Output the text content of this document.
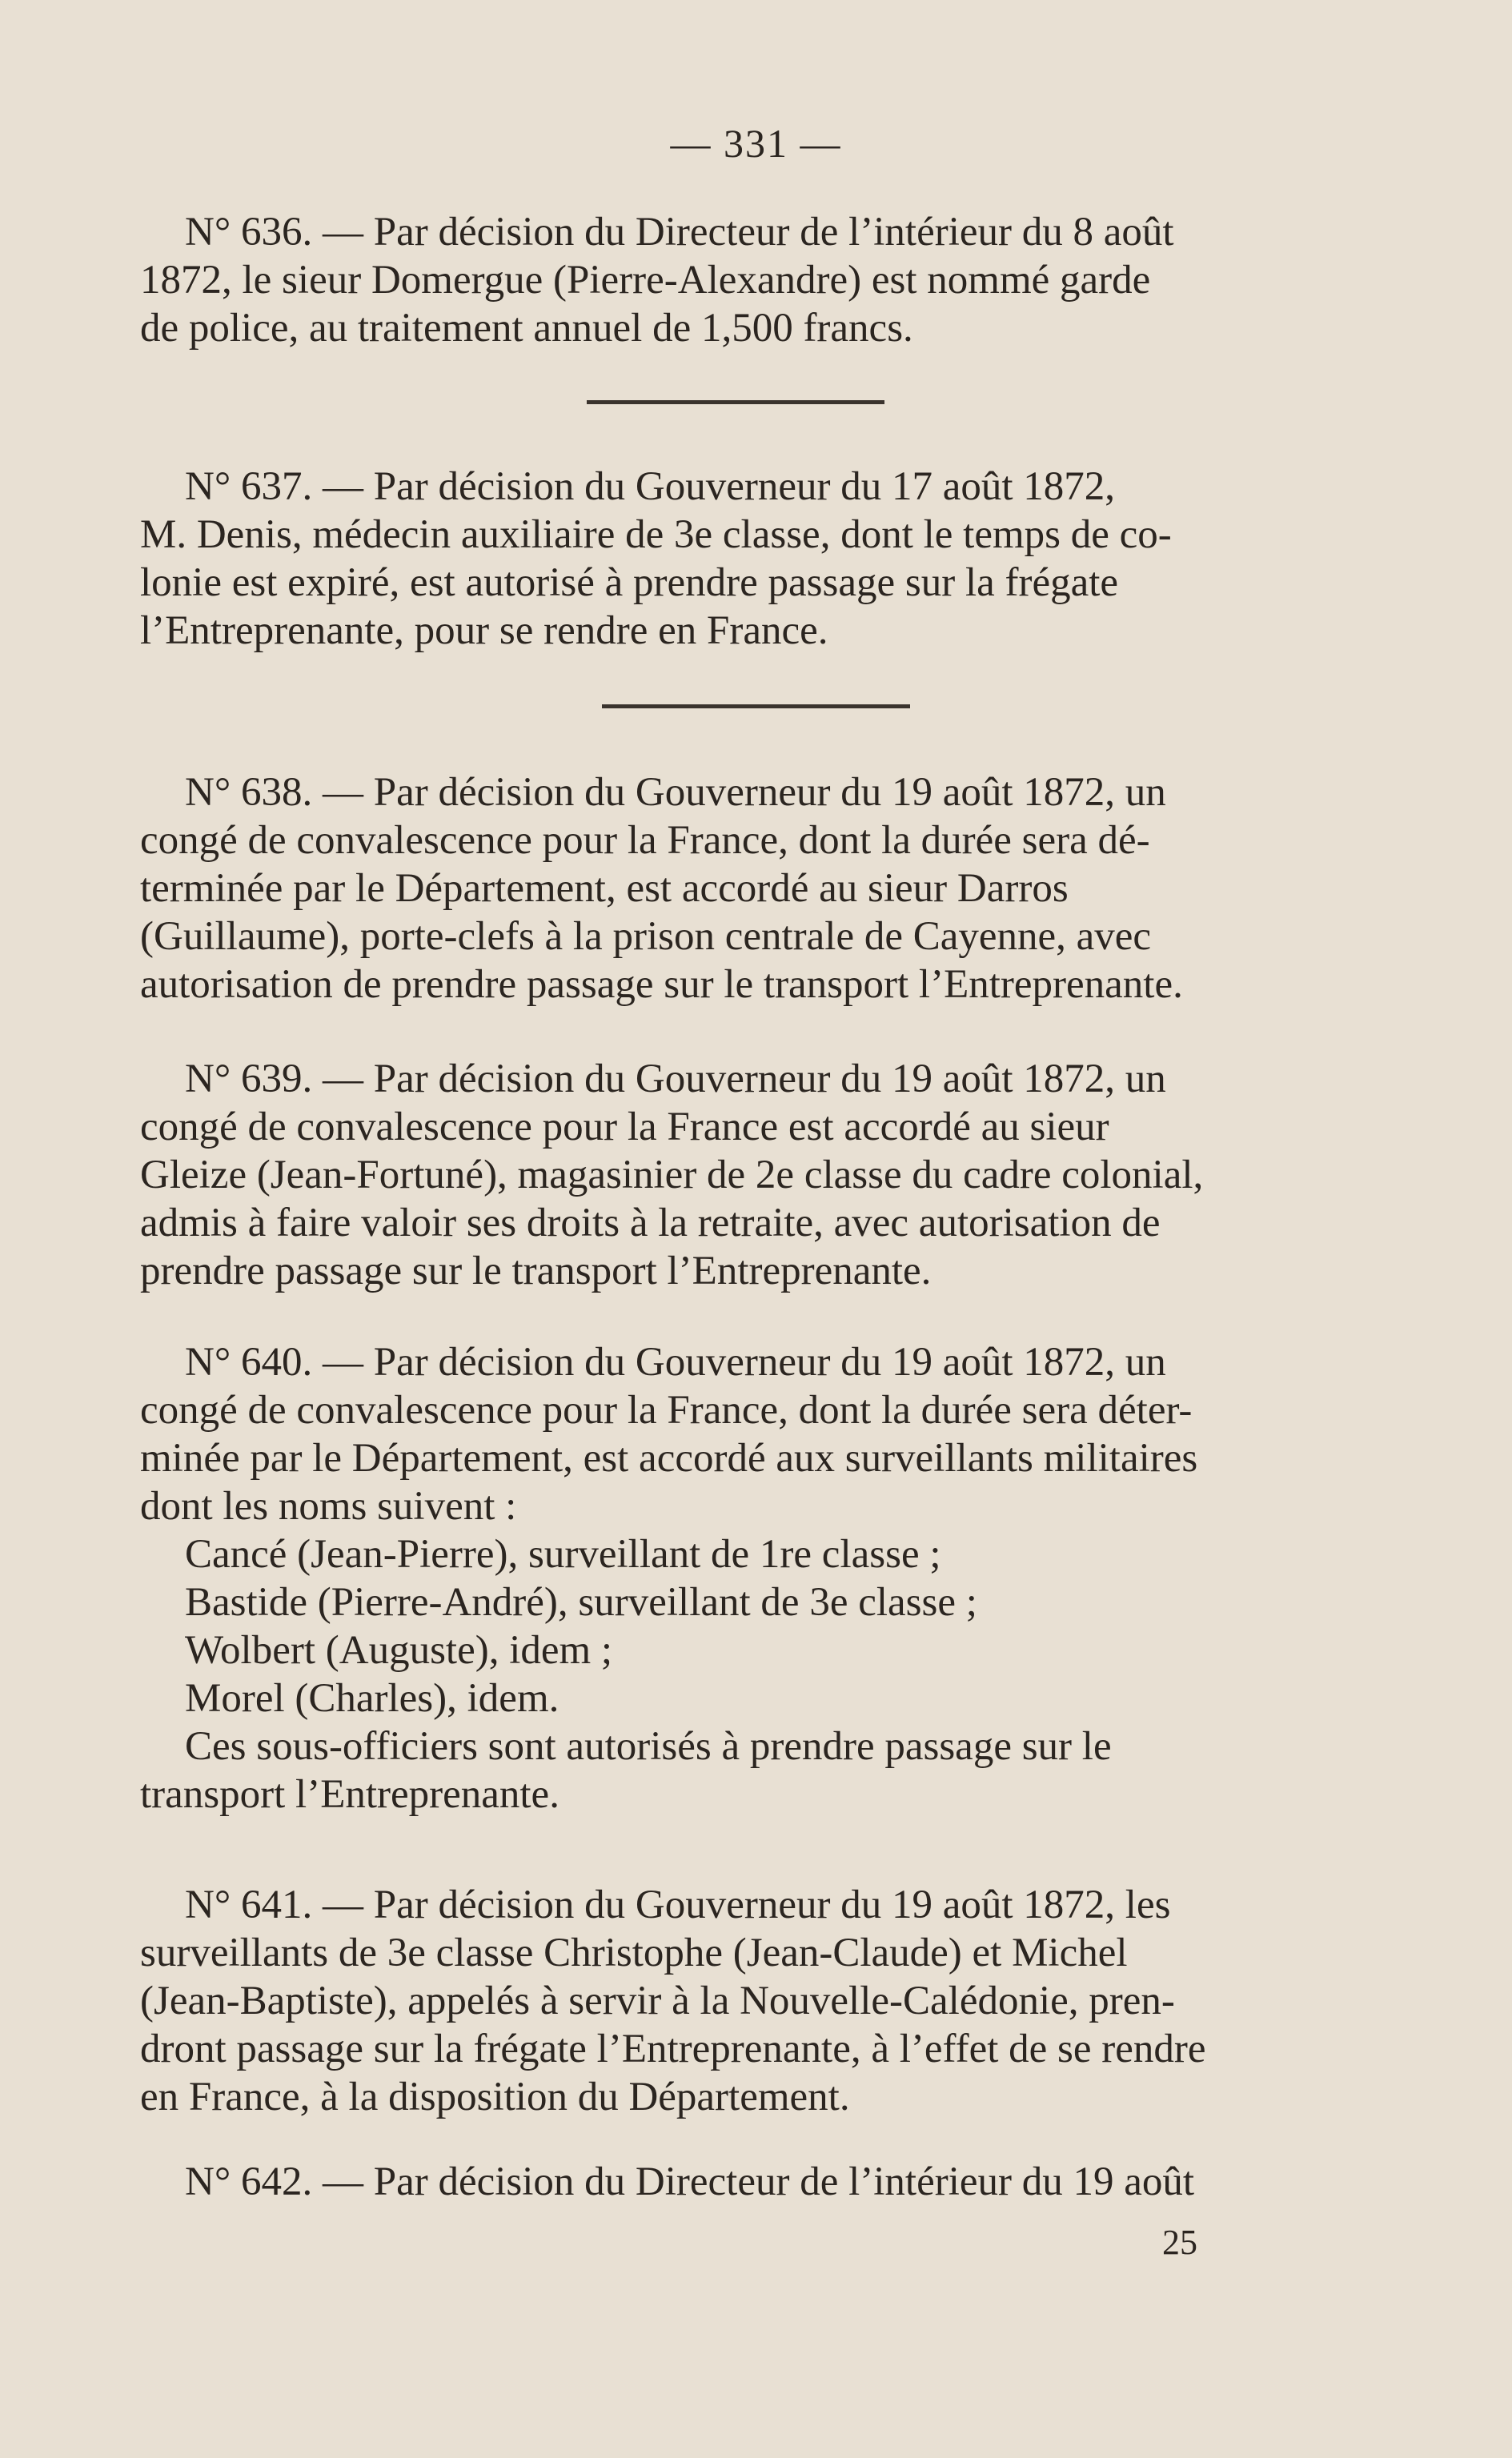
— 331 —
N° 636. — Par décision du Directeur de l’intérieur du 8 août
1872, le sieur Domergue (Pierre-Alexandre) est nommé garde
de police, au traitement annuel de 1,500 francs.
N° 637. — Par décision du Gouverneur du 17 août 1872,
M. Denis, médecin auxiliaire de 3e classe, dont le temps de co-
lonie est expiré, est autorisé à prendre passage sur la frégate
l’Entreprenante, pour se rendre en France.
N° 638. — Par décision du Gouverneur du 19 août 1872, un
congé de convalescence pour la France, dont la durée sera dé-
terminée par le Département, est accordé au sieur Darros
(Guillaume), porte-clefs à la prison centrale de Cayenne, avec
autorisation de prendre passage sur le transport l’Entreprenante.
N° 639. — Par décision du Gouverneur du 19 août 1872, un
congé de convalescence pour la France est accordé au sieur
Gleize (Jean-Fortuné), magasinier de 2e classe du cadre colonial,
admis à faire valoir ses droits à la retraite, avec autorisation de
prendre passage sur le transport l’Entreprenante.
N° 640. — Par décision du Gouverneur du 19 août 1872, un
congé de convalescence pour la France, dont la durée sera déter-
minée par le Département, est accordé aux surveillants militaires
dont les noms suivent :
Cancé (Jean-Pierre), surveillant de 1re classe ;
Bastide (Pierre-André), surveillant de 3e classe ;
Wolbert (Auguste), idem ;
Morel (Charles), idem.
Ces sous-officiers sont autorisés à prendre passage sur le
transport l’Entreprenante.
N° 641. — Par décision du Gouverneur du 19 août 1872, les
surveillants de 3e classe Christophe (Jean-Claude) et Michel
(Jean-Baptiste), appelés à servir à la Nouvelle-Calédonie, pren-
dront passage sur la frégate l’Entreprenante, à l’effet de se rendre
en France, à la disposition du Département.
N° 642. — Par décision du Directeur de l’intérieur du 19 août
25
